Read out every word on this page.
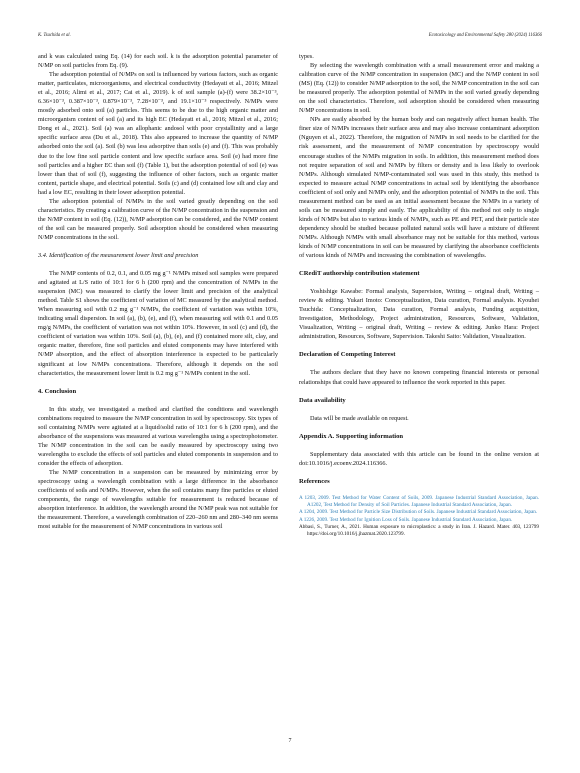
K. Tsuchida et al.	Ecotoxicology and Environmental Safety 280 (2024) 116366

and k was calculated using Eq. (14) for each soil. k is the adsorption potential parameter of N/MP on soil particles from Eq. (9).

The adsorption potential of N/MPs on soil is influenced by various factors, such as organic matter, particulates, microorganisms, and electrical conductivity (Hedayati et al., 2016; Mitzel et al., 2016; Alimi et al., 2017; Cai et al., 2019). k of soil sample (a)-(f) were 38.2×10⁻³, 6.36×10⁻³, 0.387×10⁻³, 0.879×10⁻³, 7.28×10⁻³, and 19.1×10⁻³ respectively. N/MPs were mostly adsorbed onto soil (a) particles. This seems to be due to the high organic matter and microorganism content of soil (a) and its high EC (Hedayati et al., 2016; Mitzel et al., 2016; Dong et al., 2021). Soil (a) was an allophanic andosol with poor crystallinity and a large specific surface area (Du et al., 2018). This also appeared to increase the quantity of N/MP adsorbed onto the soil (a). Soil (b) was less adsorptive than soils (e) and (f). This was probably due to the low fine soil particle content and low specific surface area. Soil (e) had more fine soil particles and a higher EC than soil (f) (Table 1), but the adsorption potential of soil (e) was lower than that of soil (f), suggesting the influence of other factors, such as organic matter content, particle shape, and electrical potential. Soils (c) and (d) contained low silt and clay and had a low EC, resulting in their lower adsorption potential.

The adsorption potential of N/MPs in the soil varied greatly depending on the soil characteristics. By creating a calibration curve of the N/MP concentration in the suspension and the N/MP content in soil (Eq. (12)), N/MP adsorption can be considered, and the N/MP content of the soil can be measured properly. Soil adsorption should be considered when measuring N/MP concentrations in the soil.

3.4. Identification of the measurement lower limit and precision

The N/MP contents of 0.2, 0.1, and 0.05 mg g⁻¹ N/MPs mixed soil samples were prepared and agitated at L/S ratio of 10:1 for 6 h (200 rpm) and the concentration of N/MPs in the suspension (MC) was measured to clarify the lower limit and precision of the analytical method. Table S1 shows the coefficient of variation of MC measured by the analytical method. When measuring soil with 0.2 mg g⁻¹ N/MPs, the coefficient of variation was within 10%, indicating small dispersion. In soil (a), (b), (e), and (f), when measuring soil with 0.1 and 0.05 mg/g N/MPs, the coefficient of variation was not within 10%. However, in soil (c) and (d), the coefficient of variation was within 10%. Soil (a), (b), (e), and (f) contained more silt, clay, and organic matter, therefore, fine soil particles and eluted components may have interfered with N/MP absorption, and the effect of absorption interference is expected to be particularly significant at low N/MPs concentrations. Therefore, although it depends on the soil characteristics, the measurement lower limit is 0.2 mg g⁻¹ N/MPs content in the soil.

4. Conclusion

In this study, we investigated a method and clarified the conditions and wavelength combinations required to measure the N/MP concentration in soil by spectroscopy. Six types of soil containing N/MPs were agitated at a liquid/solid ratio of 10:1 for 6 h (200 rpm), and the absorbance of the suspensions was measured at various wavelengths using a spectrophotometer. The N/MP concentration in the soil can be easily measured by spectroscopy using two wavelengths to exclude the effects of soil particles and eluted components in suspension and to consider the effects of adsorption.

The N/MP concentration in a suspension can be measured by minimizing error by spectroscopy using a wavelength combination with a large difference in the absorbance coefficients of soils and N/MPs. However, when the soil contains many fine particles or eluted components, the range of wavelengths suitable for measurement is reduced because of absorption interference. In addition, the wavelength around the N/MP peak was not suitable for the measurement. Therefore, a wavelength combination of 220–260 nm and 280–340 nm seems most suitable for the measurement of N/MP concentrations in various soil

types.

By selecting the wavelength combination with a small measurement error and making a calibration curve of the N/MP concentration in suspension (MC) and the N/MP content in soil (MS) (Eq. (12)) to consider N/MP adsorption to the soil, the N/MP concentration in the soil can be measured properly. The adsorption potential of N/MPs in the soil varied greatly depending on the soil characteristics. Therefore, soil adsorption should be considered when measuring N/MP concentrations in soil.

NPs are easily absorbed by the human body and can negatively affect human health. The finer size of N/MPs increases their surface area and may also increase contaminant adsorption (Nguyen et al., 2022). Therefore, the migration of N/MPs in soil needs to be clarified for the risk assessment, and the measurement of N/MP concentration by spectroscopy would encourage studies of the N/MPs migration in soils. In addition, this measurement method does not require separation of soil and N/MPs by filters or density and is less likely to overlook N/MPs. Although simulated N/MP-contaminated soil was used in this study, this method is expected to measure actual N/MP concentrations in actual soil by identifying the absorbance coefficient of soil only and N/MPs only, and the adsorption potential of N/MPs in the soil. This measurement method can be used as an initial assessment because the N/MPs in a variety of soils can be measured simply and easily. The applicability of this method not only to single kinds of N/MPs but also to various kinds of N/MPs, such as PE and PET, and their particle size dependency should be studied because polluted natural soils will have a mixture of different N/MPs. Although N/MPs with small absorbance may not be suitable for this method, various kinds of N/MP concentrations in soil can be measured by clarifying the absorbance coefficients of various kinds of N/MPs and increasing the combination of wavelengths.

CRediT authorship contribution statement

Yoshishige Kawabe: Formal analysis, Supervision, Writing – original draft, Writing – review & editing. Yukari Imoto: Conceptualization, Data curation, Formal analysis. Kyouhei Tsuchida: Conceptualization, Data curation, Formal analysis, Funding acquisition, Investigation, Methodology, Project administration, Resources, Software, Validation, Visualization, Writing – original draft, Writing – review & editing. Junko Hara: Project administration, Resources, Software, Supervision. Takeshi Saito: Validation, Visualization.

Declaration of Competing Interest

The authors declare that they have no known competing financial interests or personal relationships that could have appeared to influence the work reported in this paper.

Data availability

Data will be made available on request.

Appendix A. Supporting information

Supplementary data associated with this article can be found in the online version at doi:10.1016/j.ecoenv.2024.116366.

References

A 1203, 2009. Test Method for Water Content of Soils, 2009. Japanese Industrial Standard Association, Japan. A1202, Test Method for Density of Soil Particles. Japanese Industrial Standard Association, Japan.

A 1204, 2009. Test Method for Particle Size Distribution of Soils. Japanese Industrial Standard Association, Japan.

A 1226, 2009. Test Method for Ignition Loss of Soils. Japanese Industrial Standard Association, Japan.

Abbasi, S., Turner, A., 2021. Human exposure to microplastics: a study in Iran. J. Hazard. Mater. 403, 123799 https://doi.org/10.1016/j.jhazmat.2020.123799.

7
